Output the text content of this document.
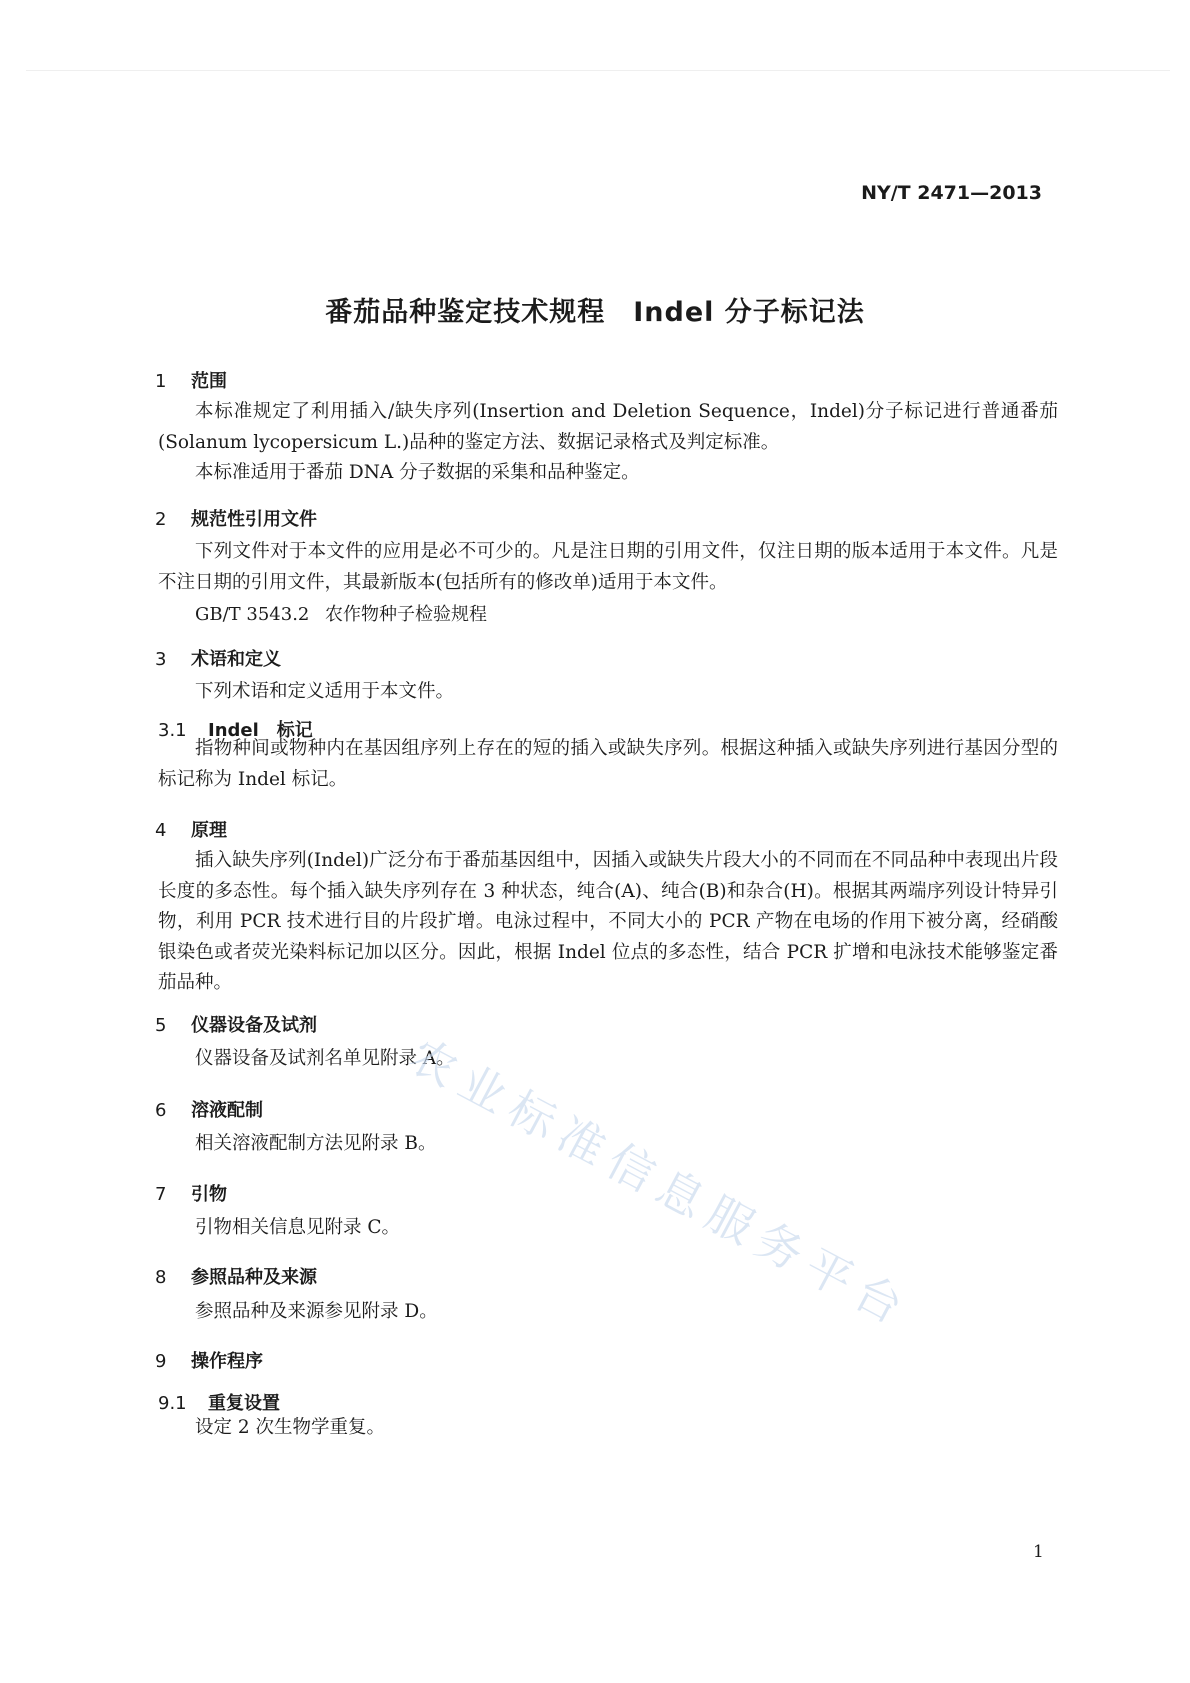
NY/T 2471—2013
番茄品种鉴定技术规程　Indel 分子标记法
1 范围
本标准规定了利用插入/缺失序列(Insertion and Deletion Sequence，Indel)分子标记进行普通番茄(Solanum lycopersicum L.)品种的鉴定方法、数据记录格式及判定标准。
本标准适用于番茄 DNA 分子数据的采集和品种鉴定。
2 规范性引用文件
下列文件对于本文件的应用是必不可少的。凡是注日期的引用文件，仅注日期的版本适用于本文件。凡是不注日期的引用文件，其最新版本(包括所有的修改单)适用于本文件。
GB/T 3543.2 农作物种子检验规程
3 术语和定义
下列术语和定义适用于本文件。
3.1 Indel　标记
指物种间或物种内在基因组序列上存在的短的插入或缺失序列。根据这种插入或缺失序列进行基因分型的标记称为 Indel 标记。
4 原理
插入缺失序列(Indel)广泛分布于番茄基因组中，因插入或缺失片段大小的不同而在不同品种中表现出片段长度的多态性。每个插入缺失序列存在 3 种状态，纯合(A)、纯合(B)和杂合(H)。根据其两端序列设计特异引物，利用 PCR 技术进行目的片段扩增。电泳过程中，不同大小的 PCR 产物在电场的作用下被分离，经硝酸银染色或者荧光染料标记加以区分。因此，根据 Indel 位点的多态性，结合 PCR 扩增和电泳技术能够鉴定番茄品种。
5 仪器设备及试剂
仪器设备及试剂名单见附录 A。
6 溶液配制
相关溶液配制方法见附录 B。
7 引物
引物相关信息见附录 C。
8 参照品种及来源
参照品种及来源参见附录 D。
9 操作程序
9.1 重复设置
设定 2 次生物学重复。
1
农业标准信息服务平台
